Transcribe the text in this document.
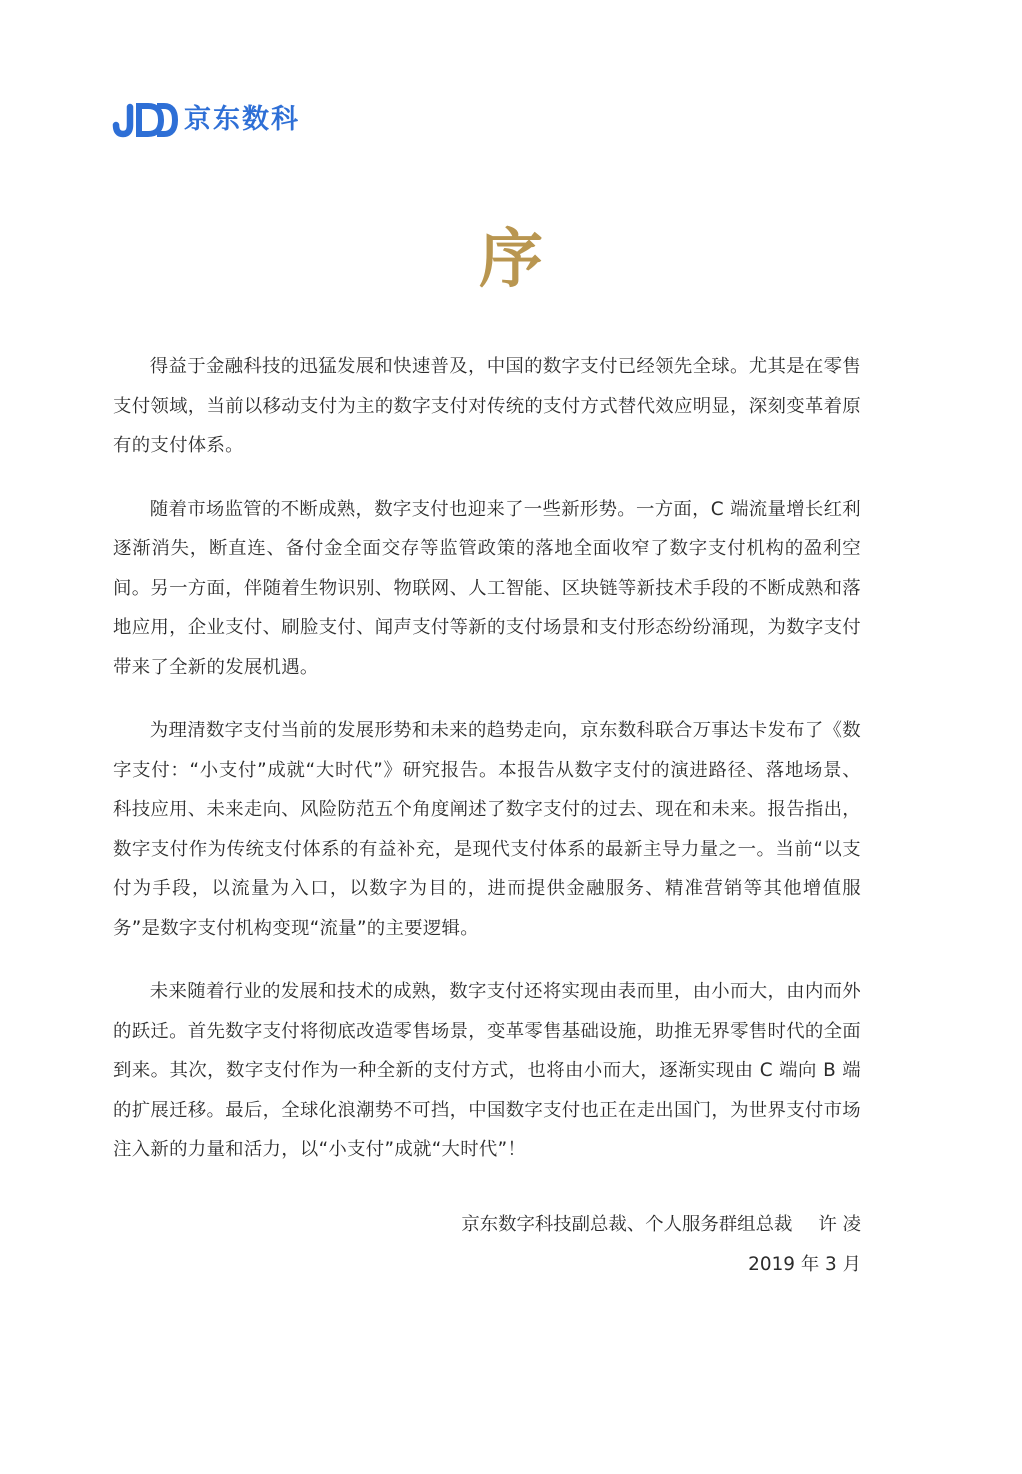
京东数科
序

得益于金融科技的迅猛发展和快速普及，中国的数字支付已经领先全球。尤其是在零售支付领域，当前以移动支付为主的数字支付对传统的支付方式替代效应明显，深刻变革着原有的支付体系。

随着市场监管的不断成熟，数字支付也迎来了一些新形势。一方面，C 端流量增长红利逐渐消失，断直连、备付金全面交存等监管政策的落地全面收窄了数字支付机构的盈利空间。另一方面，伴随着生物识别、物联网、人工智能、区块链等新技术手段的不断成熟和落地应用，企业支付、刷脸支付、闻声支付等新的支付场景和支付形态纷纷涌现，为数字支付带来了全新的发展机遇。

为理清数字支付当前的发展形势和未来的趋势走向，京东数科联合万事达卡发布了《数字支付：“小支付”成就“大时代”》研究报告。本报告从数字支付的演进路径、落地场景、科技应用、未来走向、风险防范五个角度阐述了数字支付的过去、现在和未来。报告指出，数字支付作为传统支付体系的有益补充，是现代支付体系的最新主导力量之一。当前“以支付为手段，以流量为入口，以数字为目的，进而提供金融服务、精准营销等其他增值服务”是数字支付机构变现“流量”的主要逻辑。

未来随着行业的发展和技术的成熟，数字支付还将实现由表而里，由小而大，由内而外的跃迁。首先数字支付将彻底改造零售场景，变革零售基础设施，助推无界零售时代的全面到来。其次，数字支付作为一种全新的支付方式，也将由小而大，逐渐实现由 C 端向 B 端的扩展迁移。最后，全球化浪潮势不可挡，中国数字支付也正在走出国门，为世界支付市场注入新的力量和活力，以“小支付”成就“大时代”！

京东数字科技副总裁、个人服务群组总裁 许 凌
2019 年 3 月
